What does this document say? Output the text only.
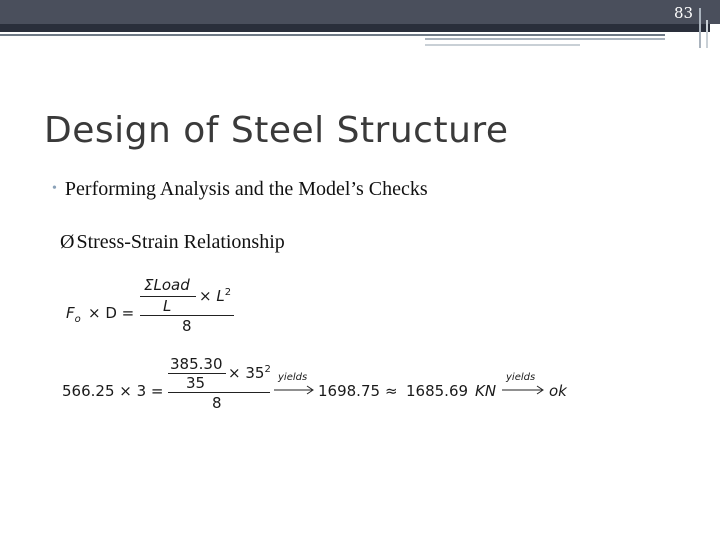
83
Design of Steel Structure
• Performing Analysis and the Model’s Checks
Ø Stress-Strain Relationship
$F_o \times D$ =
ΣLoad
L
× $L^2$
8
566.25 × 3 =
385.30
35
× $35^2$
8
yields
→ 1698.75 ≈ 1685.69 KN
yields
→ ok
